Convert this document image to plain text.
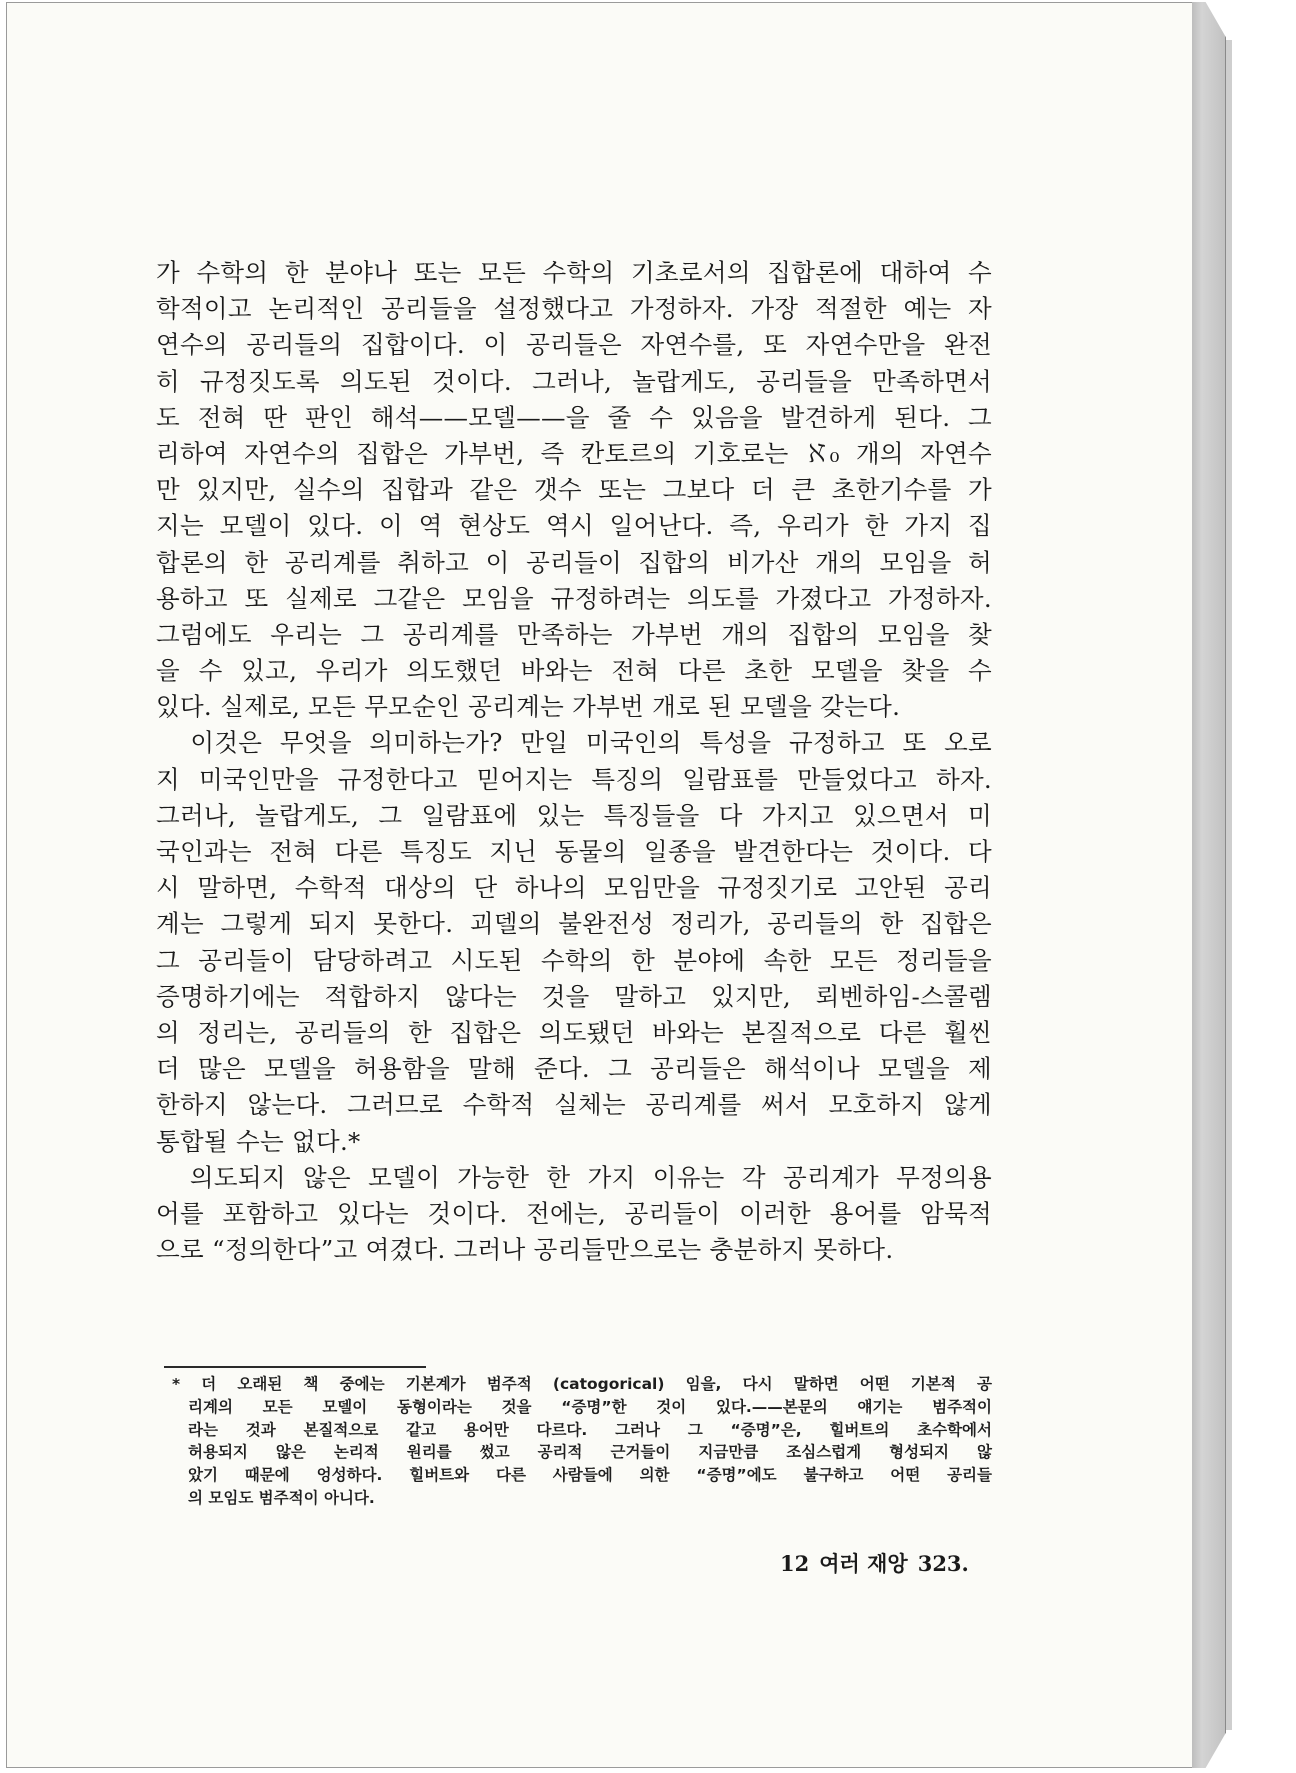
가 수학의 한 분야나 또는 모든 수학의 기초로서의 집합론에 대하여 수
학적이고 논리적인 공리들을 설정했다고 가정하자. 가장 적절한 예는 자
연수의 공리들의 집합이다. 이 공리들은 자연수를, 또 자연수만을 완전
히 규정짓도록 의도된 것이다. 그러나, 놀랍게도, 공리들을 만족하면서
도 전혀 딴 판인 해석——모델——을 줄 수 있음을 발견하게 된다. 그
리하여 자연수의 집합은 가부번, 즉 칸토르의 기호로는 ℵ₀ 개의 자연수
만 있지만, 실수의 집합과 같은 갯수 또는 그보다 더 큰 초한기수를 가
지는 모델이 있다. 이 역 현상도 역시 일어난다. 즉, 우리가 한 가지 집
합론의 한 공리계를 취하고 이 공리들이 집합의 비가산 개의 모임을 허
용하고 또 실제로 그같은 모임을 규정하려는 의도를 가졌다고 가정하자.
그럼에도 우리는 그 공리계를 만족하는 가부번 개의 집합의 모임을 찾
을 수 있고, 우리가 의도했던 바와는 전혀 다른 초한 모델을 찾을 수
있다. 실제로, 모든 무모순인 공리계는 가부번 개로 된 모델을 갖는다.
　이것은 무엇을 의미하는가? 만일 미국인의 특성을 규정하고 또 오로
지 미국인만을 규정한다고 믿어지는 특징의 일람표를 만들었다고 하자.
그러나, 놀랍게도, 그 일람표에 있는 특징들을 다 가지고 있으면서 미
국인과는 전혀 다른 특징도 지닌 동물의 일종을 발견한다는 것이다. 다
시 말하면, 수학적 대상의 단 하나의 모임만을 규정짓기로 고안된 공리
계는 그렇게 되지 못한다. 괴델의 불완전성 정리가, 공리들의 한 집합은
그 공리들이 담당하려고 시도된 수학의 한 분야에 속한 모든 정리들을
증명하기에는 적합하지 않다는 것을 말하고 있지만, 뢰벤하임-스콜렘
의 정리는, 공리들의 한 집합은 의도됐던 바와는 본질적으로 다른 훨씬
더 많은 모델을 허용함을 말해 준다. 그 공리들은 해석이나 모델을 제
한하지 않는다. 그러므로 수학적 실체는 공리계를 써서 모호하지 않게
통합될 수는 없다.*
　의도되지 않은 모델이 가능한 한 가지 이유는 각 공리계가 무정의용
어를 포함하고 있다는 것이다. 전에는, 공리들이 이러한 용어를 암묵적
으로 “정의한다”고 여겼다. 그러나 공리들만으로는 충분하지 못하다.
* 더 오래된 책 중에는 기본계가 범주적 (catogorical) 임을, 다시 말하면 어떤 기본적 공
리계의 모든 모델이 동형이라는 것을 “증명”한 것이 있다.——본문의 얘기는 범주적이
라는 것과 본질적으로 같고 용어만 다르다. 그러나 그 “증명”은, 힐버트의 초수학에서
허용되지 않은 논리적 원리를 썼고 공리적 근거들이 지금만큼 조심스럽게 형성되지 않
았기 때문에 엉성하다. 힐버트와 다른 사람들에 의한 “증명”에도 불구하고 어떤 공리들
의 모임도 범주적이 아니다.
12 여러 재앙 323.
